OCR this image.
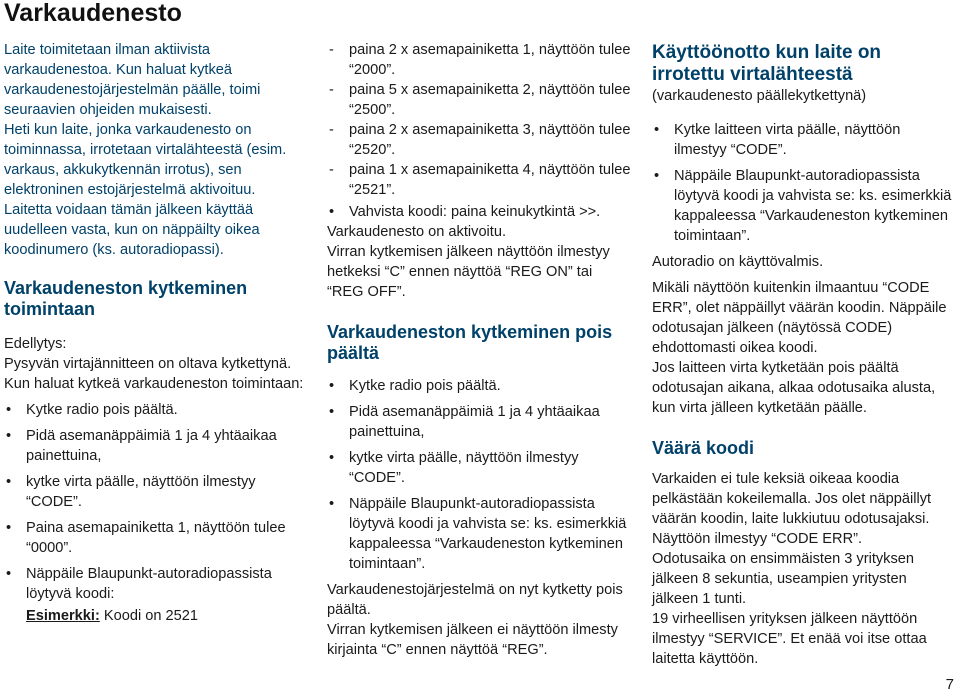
Varkaudenesto

Laite toimitetaan ilman aktiivista varkaudenestoa. Kun haluat kytkeä varkaudenestojärjestelmän päälle, toimi seuraavien ohjeiden mukaisesti.

Heti kun laite, jonka varkaudenesto on toiminnassa, irrotetaan virtalähteestä (esim. varkaus, akkukytkennän irrotus), sen elektroninen estojärjestelmä aktivoituu. Laitetta voidaan tämän jälkeen käyttää uudelleen vasta, kun on näppäilty oikea koodinumero (ks. autoradiopassi).

Varkaudeneston kytkeminen toimintaan

Edellytys:

Pysyvän virtajännitteen on oltava kytkettynä.

Kun haluat kytkeä varkaudeneston toimintaan:

• Kytke radio pois päältä.
• Pidä asemanäppäimiä 1 ja 4 yhtäaikaa painettuina,
• kytke virta päälle, näyttöön ilmestyy “CODE”.
• Paina asemapainiketta 1, näyttöön tulee “0000”.
• Näppäile Blaupunkt-autoradiopassista löytyvä koodi:

Esimerkki: Koodi on 2521

- paina 2 x asemapainiketta 1, näyttöön tulee “2000”.
- paina 5 x asemapainiketta 2, näyttöön tulee “2500”.
- paina 2 x asemapainiketta 3, näyttöön tulee “2520”.
- paina 1 x asemapainiketta 4, näyttöön tulee “2521”.
• Vahvista koodi: paina keinukytkintä >>.

Varkaudenesto on aktivoitu.

Virran kytkemisen jälkeen näyttöön ilmestyy hetkeksi “C” ennen näyttöä “REG ON” tai “REG OFF”.

Varkaudeneston kytkeminen pois päältä
• Kytke radio pois päältä.
• Pidä asemanäppäimiä 1 ja 4 yhtäaikaa painettuina,
• kytke virta päälle, näyttöön ilmestyy “CODE”.
• Näppäile Blaupunkt-autoradiopassista löytyvä koodi ja vahvista se: ks. esimerkkiä kappaleessa “Varkaudeneston kytkeminen toimintaan”.

Varkaudenestojärjestelmä on nyt kytketty pois päältä.

Virran kytkemisen jälkeen ei näyttöön ilmesty kirjainta “C” ennen näyttöä “REG”.

Käyttöönotto kun laite on irrotettu virtalähteestä

(varkaudenesto päällekytkettynä)

• Kytke laitteen virta päälle, näyttöön ilmestyy “CODE”.
• Näppäile Blaupunkt-autoradiopassista löytyvä koodi ja vahvista se: ks. esimerkkiä kappaleessa “Varkaudeneston kytkeminen toimintaan”.

Autoradio on käyttövalmis.

Mikäli näyttöön kuitenkin ilmaantuu “CODE ERR”, olet näppäillyt väärän koodin. Näppäile odotusajan jälkeen (näytössä CODE) ehdottomasti oikea koodi.

Jos laitteen virta kytketään pois päältä odotusajan aikana, alkaa odotusaika alusta, kun virta jälleen kytketään päälle.

Väärä koodi

Varkaiden ei tule keksiä oikeaa koodia pelkästään kokeilemalla. Jos olet näppäillyt väärän koodin, laite lukkiutuu odotusajaksi. Näyttöön ilmestyy “CODE ERR”.

Odotusaika on ensimmäisten 3 yrityksen jälkeen 8 sekuntia, useampien yritysten jälkeen 1 tunti.

19 virheellisen yrityksen jälkeen näyttöön ilmestyy “SERVICE”. Et enää voi itse ottaa laitetta käyttöön.

7
